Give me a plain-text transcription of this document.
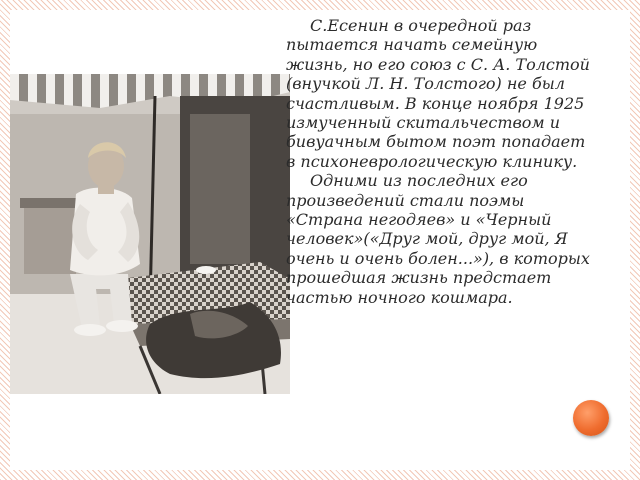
С.Есенин в очередной раз пытается начать семейную жизнь, но его союз с С. А. Толстой (внучкой Л. Н. Толстого) не был счастливым. В конце ноября 1925 измученный скитальчеством и бивуачным бытом поэт попадает в психоневрологическую клинику.

Одними из последних его произведений стали поэмы «Страна негодяев» и «Черный человек»(«Друг мой, друг мой, Я очень и очень болен...»), в которых прошедшая жизнь предстает частью ночного кошмара.
